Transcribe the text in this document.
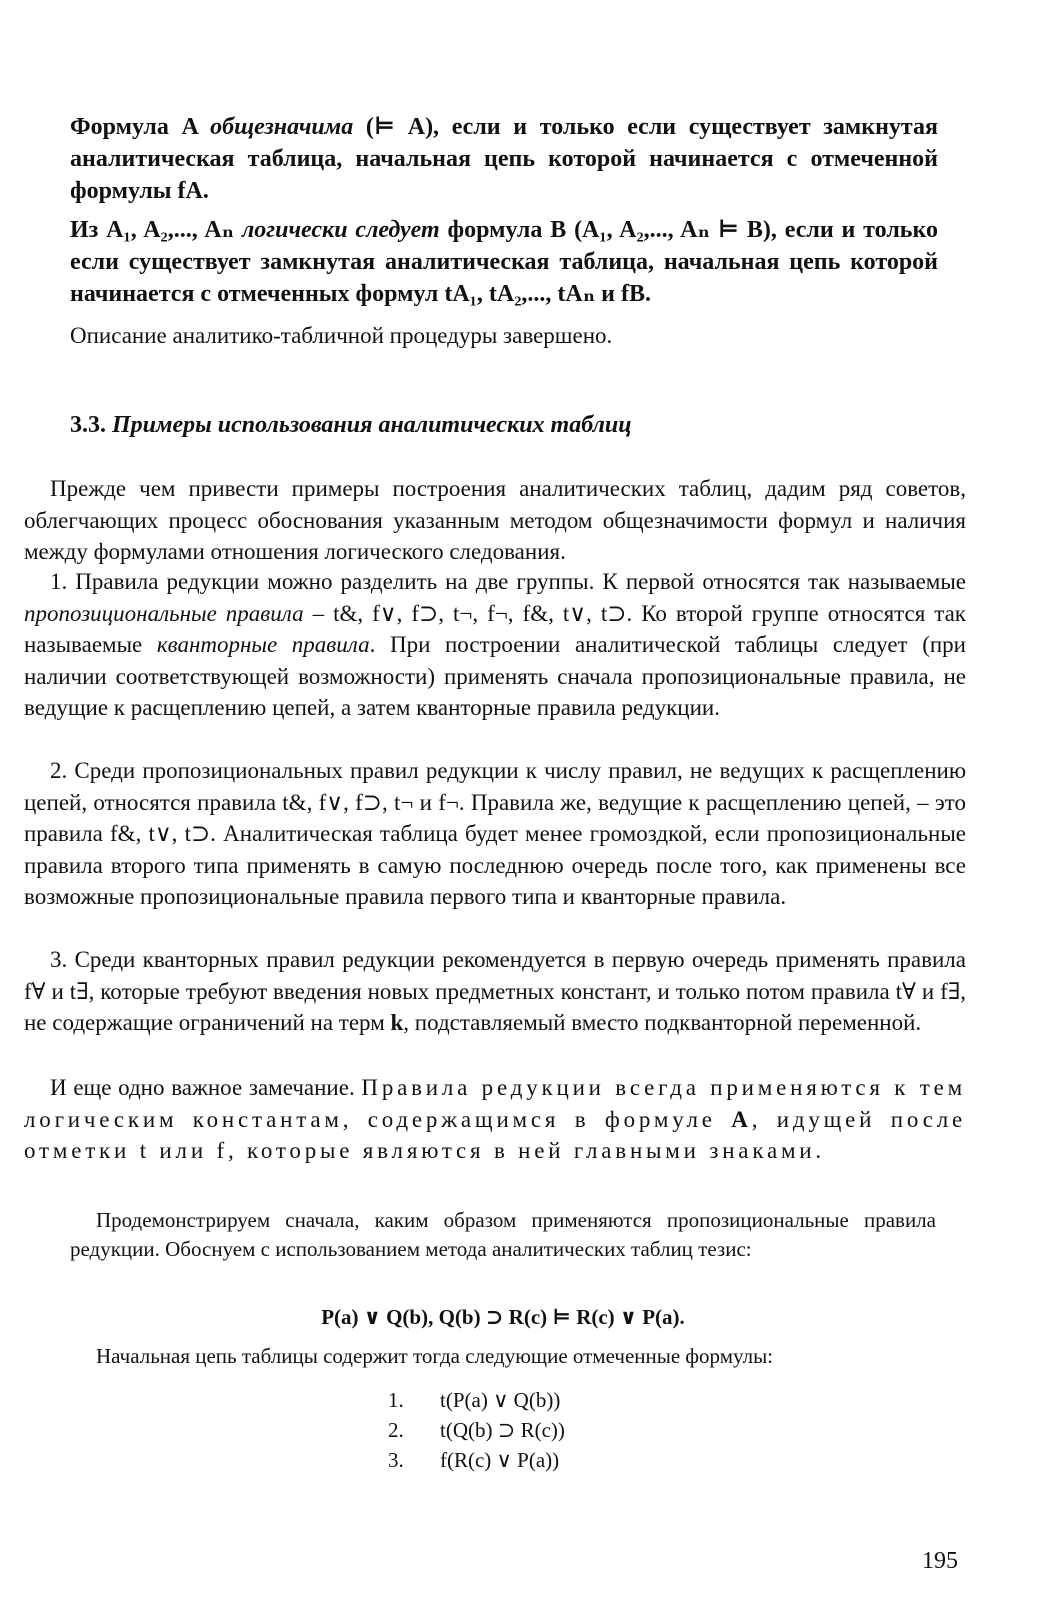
Формула A общезначима (⊨ A), если и только если существует замкнутая аналитическая таблица, начальная цепь которой начинается с отмеченной формулы fA.

Из A₁, A₂,..., Aₙ логически следует формула B (A₁, A₂,..., Aₙ ⊨ B), если и только если существует замкнутая аналитическая таблица, начальная цепь которой начинается с отмеченных формул tA₁, tA₂,..., tAₙ и fB.

Описание аналитико-табличной процедуры завершено.

3.3. Примеры использования аналитических таблиц

Прежде чем привести примеры построения аналитических таблиц, дадим ряд советов, облегчающих процесс обоснования указанным методом общезначимости формул и наличия между формулами отношения логического следования.

1. Правила редукции можно разделить на две группы. К первой относятся так называемые пропозициональные правила – t&, f∨, f⊃, t¬, f¬, f&, t∨, t⊃. Ко второй группе относятся так называемые кванторные правила. При построении аналитической таблицы следует (при наличии соответствующей возможности) применять сначала пропозициональные правила, не ведущие к расщеплению цепей, а затем кванторные правила редукции.

2. Среди пропозициональных правил редукции к числу правил, не ведущих к расщеплению цепей, относятся правила t&, f∨, f⊃, t¬ и f¬. Правила же, ведущие к расщеплению цепей, – это правила f&, t∨, t⊃. Аналитическая таблица будет менее громоздкой, если пропозициональные правила второго типа применять в самую последнюю очередь после того, как применены все возможные пропозициональные правила первого типа и кванторные правила.

3. Среди кванторных правил редукции рекомендуется в первую очередь применять правила f∀ и t∃, которые требуют введения новых предметных констант, и только потом правила t∀ и f∃, не содержащие ограничений на терм k, подставляемый вместо подкванторной переменной.

И еще одно важное замечание. Правила редукции всегда применяются к тем логическим константам, содержащимся в формуле A, идущей после отметки t или f, которые являются в ней главными знаками.

Продемонстрируем сначала, каким образом применяются пропозициональные правила редукции. Обоснуем с использованием метода аналитических таблиц тезис:

P(a) ∨ Q(b), Q(b) ⊃ R(c) ⊨ R(c) ∨ P(a).

Начальная цепь таблицы содержит тогда следующие отмеченные формулы:

1. t(P(a) ∨ Q(b))
2. t(Q(b) ⊃ R(c))
3. f(R(c) ∨ P(a))
195
